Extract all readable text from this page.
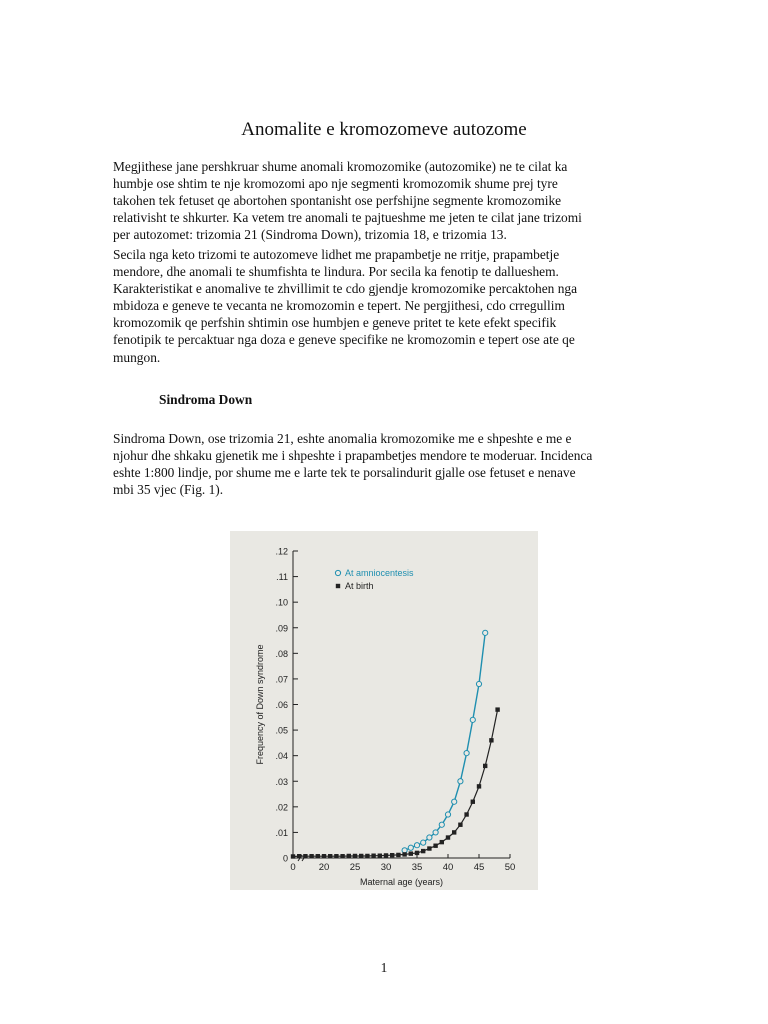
Anomalite e kromozomeve autozome

Megjithese jane pershkruar shume anomali kromozomike (autozomike) ne te cilat ka
humbje ose shtim te nje kromozomi apo nje segmenti kromozomik shume prej tyre
takohen tek fetuset qe abortohen spontanisht ose perfshijne segmente kromozomike
relativisht te shkurter. Ka vetem tre anomali te pajtueshme me jeten te cilat jane trizomi
per autozomet: trizomia 21 (Sindroma Down), trizomia 18, e trizomia 13.

Secila nga keto trizomi te autozomeve lidhet me prapambetje ne rritje, prapambetje
mendore, dhe anomali te shumfishta te lindura. Por secila ka fenotip te dallueshem.
Karakteristikat e anomalive te zhvillimit te cdo gjendje kromozomike percaktohen nga
mbidoza e geneve te vecanta ne kromozomin e tepert. Ne pergjithesi, cdo crregullim
kromozomik qe perfshin shtimin ose humbjen e geneve pritet te kete efekt specifik
fenotipik te percaktuar nga doza e geneve specifike ne kromozomin e tepert ose ate qe
mungon.

Sindroma Down

Sindroma Down, ose trizomia 21, eshte anomalia kromozomike me e shpeshte e me e
njohur dhe shkaku gjenetik me i shpeshte i prapambetjes mendore te moderuar. Incidenca
eshte 1:800 lindje, por shume me e larte tek te porsalindurit gjalle ose fetuset e nenave
mbi 35 vjec (Fig. 1).

0
.01
.02
.03
.04
.05
.06
.07
.08
.09
.10
.11
.12
0 20 25 30 35 40 45 50
Maternal age (years)
Frequency of Down syndrome
At amniocentesis
At birth
1
